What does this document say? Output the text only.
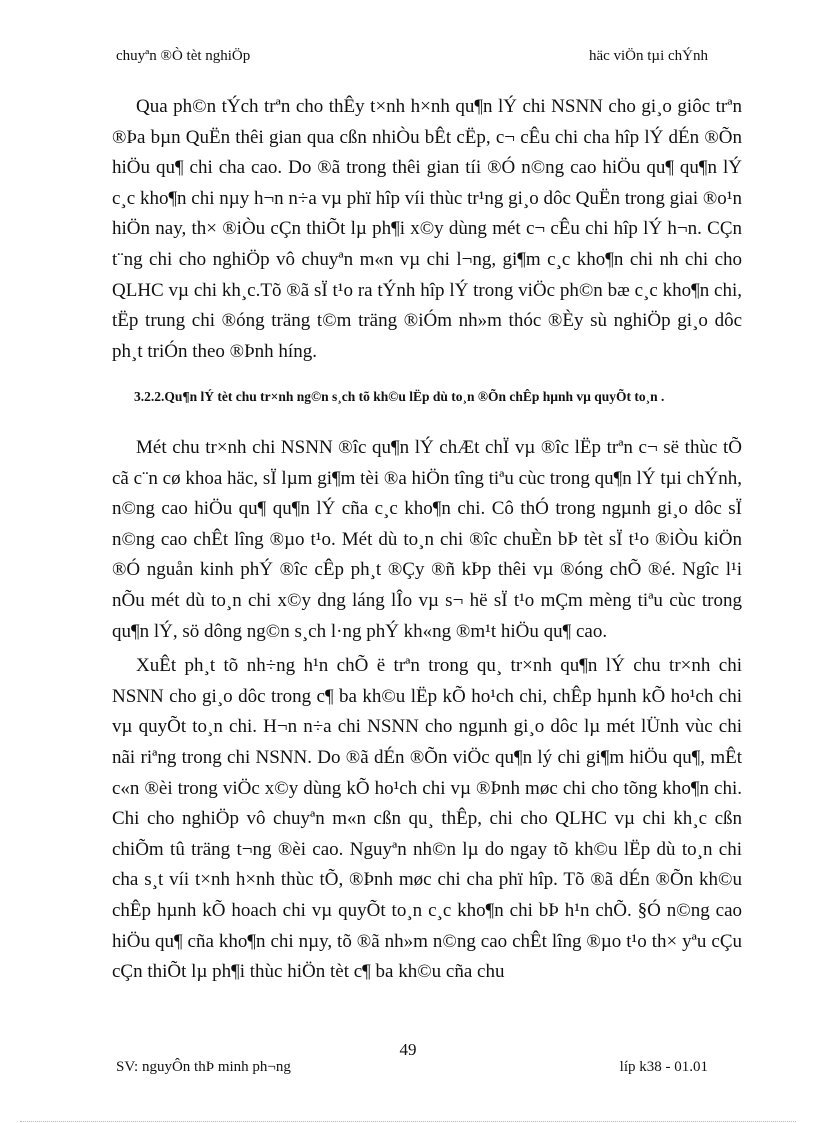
chuyªn ®Ò tèt nghiÖp	häc viÖn tµi chÝnh

Qua ph©n tÝch trªn cho thÊy t×nh h×nh qu¶n lÝ chi NSNN cho gi¸o giôc trªn ®Þa bµn QuËn thêi gian qua cßn nhiÒu bÊt cËp, c¬ cÊu chi cha hîp lÝ dÉn ®Õn hiÖu qu¶ chi cha cao. Do ®ã trong thêi gian tíi ®Ó n©ng cao hiÖu qu¶ qu¶n lÝ c¸c kho¶n chi nµy h¬n n÷a vµ phï hîp víi thùc tr¹ng gi¸o dôc QuËn trong giai ®o¹n hiÖn nay, th× ®iÒu cÇn thiÕt lµ ph¶i x©y dùng mét c¬ cÊu chi hîp lÝ h¬n. CÇn t¨ng chi cho nghiÖp vô chuyªn m«n vµ chi l¬ng, gi¶m c¸c kho¶n chi nh chi cho QLHC vµ chi kh¸c.Tõ ®ã sÏ t¹o ra tÝnh hîp lÝ trong viÖc ph©n bæ c¸c kho¶n chi, tËp trung chi ®óng träng t©m träng ®iÓm nh»m thóc ®Èy sù nghiÖp gi¸o dôc ph¸t triÓn theo ®Þnh híng.

3.2.2.Qu¶n lÝ tèt chu tr×nh ng©n s¸ch tõ kh©u lËp dù to¸n ®Õn chÊp hµnh vµ quyÕt to¸n .

Mét chu tr×nh chi NSNN ®îc qu¶n lÝ chÆt chÏ vµ ®îc lËp trªn c¬ së thùc tÕ cã c¨n cø khoa häc, sÏ lµm gi¶m tèi ®a hiÖn tîng tiªu cùc trong qu¶n lÝ tµi chÝnh, n©ng cao hiÖu qu¶ qu¶n lÝ cña c¸c kho¶n chi. Cô thÓ trong ngµnh gi¸o dôc sÏ n©ng cao chÊt lîng ®µo t¹o. Mét dù to¸n chi ®îc chuÈn bÞ tèt sÏ t¹o ®iÒu kiÖn ®Ó nguån kinh phÝ ®îc cÊp ph¸t ®Çy ®ñ kÞp thêi vµ ®óng chÕ ®é. Ngîc l¹i nÕu mét dù to¸n chi x©y dng láng lÎo vµ s¬ hë sÏ t¹o mÇm mèng tiªu cùc trong qu¶n lÝ, sö dông ng©n s¸ch l·ng phÝ kh«ng ®m¹t hiÖu qu¶ cao.

XuÊt ph¸t tõ nh÷ng h¹n chÕ ë trªn trong qu¸ tr×nh qu¶n lÝ chu tr×nh chi NSNN cho gi¸o dôc trong c¶ ba kh©u lËp kÕ ho¹ch chi, chÊp hµnh kÕ ho¹ch chi vµ quyÕt to¸n chi. H¬n n÷a chi NSNN cho ngµnh gi¸o dôc lµ mét lÜnh vùc chi nãi riªng trong chi NSNN. Do ®ã dÉn ®Õn viÖc qu¶n lý chi gi¶m hiÖu qu¶, mÊt c«n ®èi trong viÖc x©y dùng kÕ ho¹ch chi vµ ®Þnh møc chi cho tõng kho¶n chi. Chi cho nghiÖp vô chuyªn m«n cßn qu¸ thÊp, chi cho QLHC vµ chi kh¸c cßn chiÕm tû träng t¬ng ®èi cao. Nguyªn nh©n lµ do ngay tõ kh©u lËp dù to¸n chi cha s¸t víi t×nh h×nh thùc tÕ, ®Þnh møc chi cha phï hîp. Tõ ®ã dÉn ®Õn kh©u chÊp hµnh kÕ hoach chi vµ quyÕt to¸n c¸c kho¶n chi bÞ h¹n chÕ. §Ó n©ng cao hiÖu qu¶ cña kho¶n chi nµy, tõ ®ã nh»m n©ng cao chÊt lîng ®µo t¹o th× yªu cÇu cÇn thiÕt lµ ph¶i thùc hiÖn tèt c¶ ba kh©u cña chu

49
SV: nguyÔn thÞ minh ph¬ng	líp k38 - 01.01
